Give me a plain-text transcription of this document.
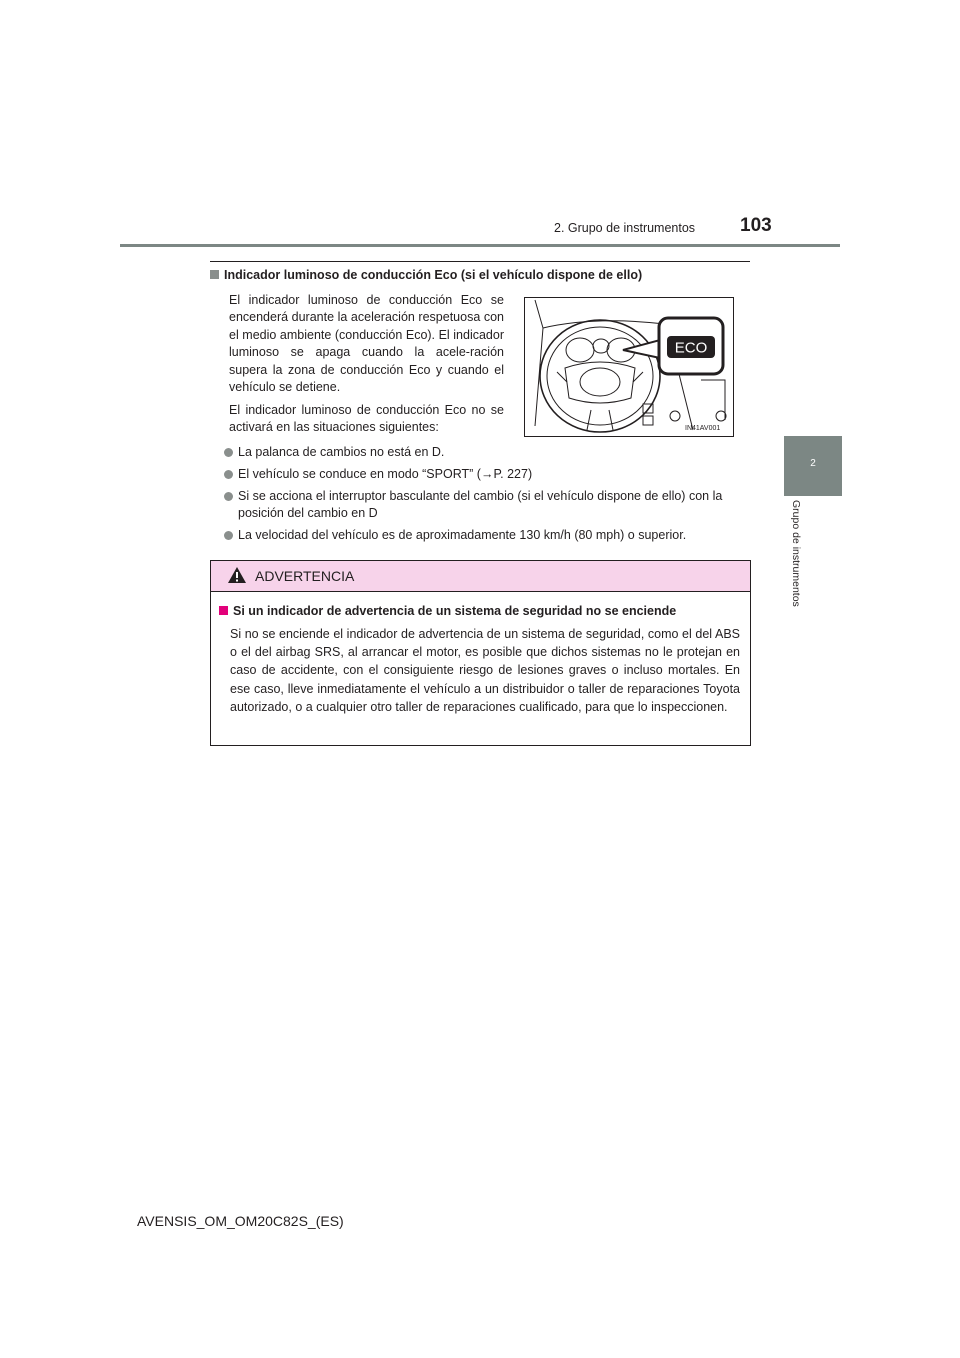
2. Grupo de instrumentos 103
2
Grupo de instrumentos
Indicador luminoso de conducción Eco (si el vehículo dispone de ello)
El indicador luminoso de conducción Eco se encenderá durante la aceleración respetuosa con el medio ambiente (conducción Eco). El indicador luminoso se apaga cuando la acele-ración supera la zona de conducción Eco y cuando el vehículo se detiene.
El indicador luminoso de conducción Eco no se activará en las situaciones siguientes:
ECO
IN41AV001
La palanca de cambios no está en D.
El vehículo se conduce en modo “SPORT” (→P. 227)
Si se acciona el interruptor basculante del cambio (si el vehículo dispone de ello) con la posición del cambio en D
La velocidad del vehículo es de aproximadamente 130 km/h (80 mph) o superior.
ADVERTENCIA
Si un indicador de advertencia de un sistema de seguridad no se enciende
Si no se enciende el indicador de advertencia de un sistema de seguridad, como el del ABS o el del airbag SRS, al arrancar el motor, es posible que dichos sistemas no le protejan en caso de accidente, con el consiguiente riesgo de lesiones graves o incluso mortales. En ese caso, lleve inmediatamente el vehículo a un distribuidor o taller de reparaciones Toyota autorizado, o a cualquier otro taller de reparaciones cualificado, para que lo inspeccionen.
AVENSIS_OM_OM20C82S_(ES)
